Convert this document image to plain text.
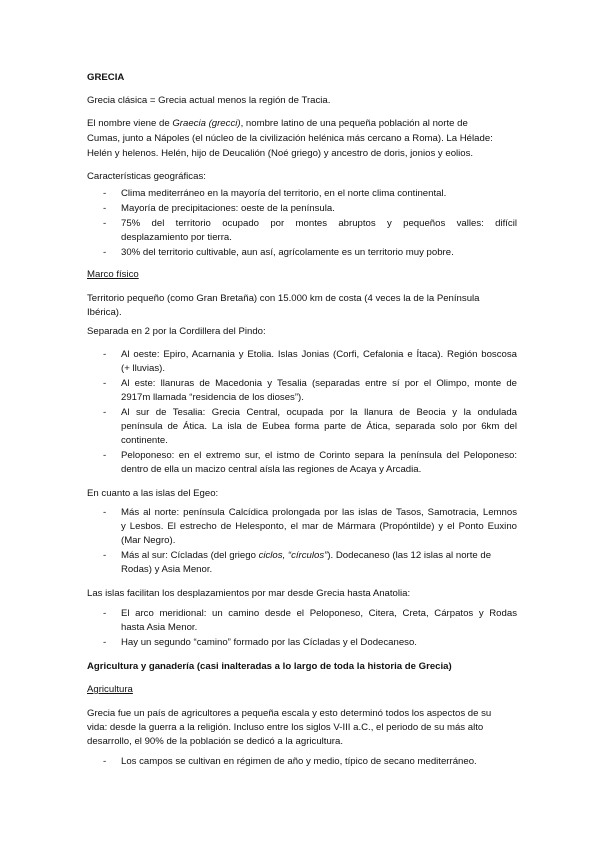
GRECIA
Grecia clásica = Grecia actual menos la región de Tracia.
El nombre viene de Graecia (grecci), nombre latino de una pequeña población al norte de
Cumas, junto a Nápoles (el núcleo de la civilización helénica más cercano a Roma). La Hélade:
Helén y helenos. Helén, hijo de Deucalión (Noé griego) y ancestro de doris, jonios y eolios.
Características geográficas:
- Clima mediterráneo en la mayoría del territorio, en el norte clima continental.
- Mayoría de precipitaciones: oeste de la península.
- 75% del territorio ocupado por montes abruptos y pequeños valles: difícil
desplazamiento por tierra.
- 30% del territorio cultivable, aun así, agrícolamente es un territorio muy pobre.
Marco físico
Territorio pequeño (como Gran Bretaña) con 15.000 km de costa (4 veces la de la Península
Ibérica).
Separada en 2 por la Cordillera del Pindo:
- Al oeste: Epiro, Acarnania y Etolia. Islas Jonias (Corfi, Cefalonia e Ítaca). Región boscosa
(+ lluvias).
- Al este: llanuras de Macedonia y Tesalia (separadas entre sí por el Olimpo, monte de
2917m llamada “residencia de los dioses”).
- Al sur de Tesalia: Grecia Central, ocupada por la llanura de Beocia y la ondulada
península de Ática. La isla de Eubea forma parte de Ática, separada solo por 6km del
continente.
- Peloponeso: en el extremo sur, el istmo de Corinto separa la península del Peloponeso:
dentro de ella un macizo central aísla las regiones de Acaya y Arcadia.
En cuanto a las islas del Egeo:
- Más al norte: península Calcídica prolongada por las islas de Tasos, Samotracia, Lemnos
y Lesbos. El estrecho de Helesponto, el mar de Mármara (Propóntilde) y el Ponto Euxino
(Mar Negro).
- Más al sur: Cícladas (del griego ciclos, “círculos”). Dodecaneso (las 12 islas al norte de
Rodas) y Asia Menor.
Las islas facilitan los desplazamientos por mar desde Grecia hasta Anatolia:
- El arco meridional: un camino desde el Peloponeso, Citera, Creta, Cárpatos y Rodas
hasta Asia Menor.
- Hay un segundo “camino” formado por las Cícladas y el Dodecaneso.
Agricultura y ganadería (casi inalteradas a lo largo de toda la historia de Grecia)
Agricultura
Grecia fue un país de agricultores a pequeña escala y esto determinó todos los aspectos de su
vida: desde la guerra a la religión. Incluso entre los siglos V-III a.C., el periodo de su más alto
desarrollo, el 90% de la población se dedicó a la agricultura.
- Los campos se cultivan en régimen de año y medio, típico de secano mediterráneo.
